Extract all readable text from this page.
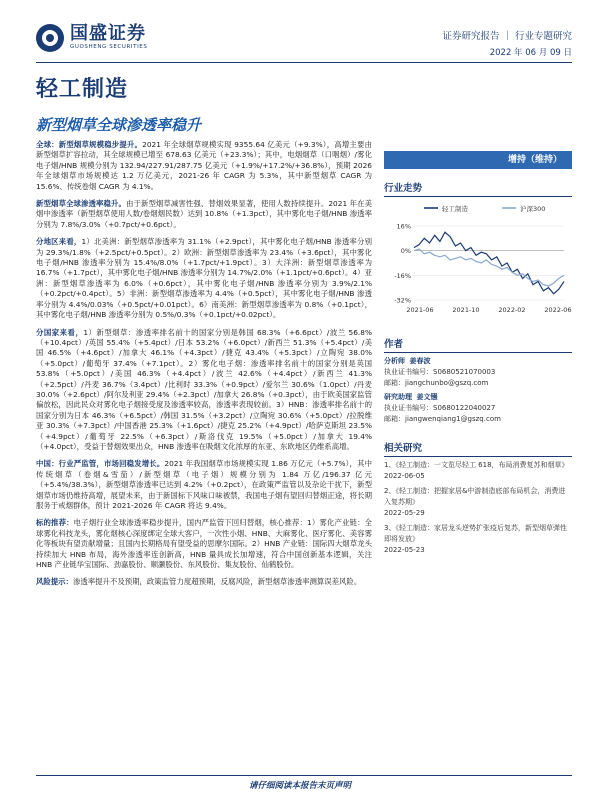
国盛证券
GUOSHENG SECURITIES
证券研究报告 ｜ 行业专题研究
2022 年 06 月 09 日
轻工制造
新型烟草全球渗透率稳升

全球：新型烟草规模稳步提升。2021 年全球烟草规模实现 9355.64 亿美元（+9.3%），高增主要由新型烟草扩容拉动，其全球规模已增至 678.63 亿美元（+23.3%）；其中，电烟烟草（口咽烟）/雾化电子烟/HNB 规模分别为 132.94/227.91/287.75 亿美元（+1.9%/+17.2%/+36.8%），预期 2026 年全球烟草市场规模达 1.2 万亿美元，2021-26 年 CAGR 为 5.3%，其中新型烟草 CAGR 为 15.6%、传统卷烟 CAGR 为 4.1%。

新型烟草全球渗透率稳升。由于新型烟草减害性强、替烟效果显著，使用人数持续提升。2021 年在美烟中渗透率（新型烟草使用人数/卷烟烟民数）达到 10.8%（+1.3pct），其中雾化电子烟/HNB 渗透率分别为 7.8%/3.0%（+0.7pct/+0.6pct）。

分地区来看，1）北美洲：新型烟草渗透率为 31.1%（+2.9pct），其中雾化电子烟/HNB 渗透率分别为 29.3%/1.8%（+2.5pct/+0.5pct）。2）欧洲：新型烟草渗透率为 23.4%（+3.6pct），其中雾化电子烟/HNB 渗透率分别为 15.4%/8.0%（+1.7pct/+1.9pct）。3）大洋洲：新型烟草渗透率为 16.7%（+1.7pct），其中雾化电子烟/HNB 渗透率分别为 14.7%/2.0%（+1.1pct/+0.6pct）。4）亚洲：新型烟草渗透率为 6.0%（+0.6pct），其中雾化电子烟/HNB 渗透率分别为 3.9%/2.1%（+0.2pct/+0.4pct）。5）非洲：新型烟草渗透率为 4.4%（+0.5pct），其中雾化电子烟/HNB 渗透率分别为 4.4%/0.03%（+0.5pct/+0.01pct）。6）南美洲：新型烟草渗透率为 0.8%（+0.1pct），其中雾化电子烟/HNB 渗透率分别为 0.5%/0.3%（+0.1pct/+0.02pct）。

分国家来看，1）新型烟草：渗透率排名前十的国家分别是韩国 68.3%（+6.6pct）/波兰 56.8%（+10.4pct）/英国 55.4%（+5.4pct）/日本 53.2%（+6.0pct）/新西兰 51.3%（+5.4pct）/美国 46.5%（+4.6pct）/加拿大 46.1%（+4.3pct）/捷克 43.4%（+5.3pct）/立陶宛 38.0%（+5.0pct）/葡萄牙 37.4%（+7.1pct）。2）雾化电子烟：渗透率排名前十的国家分别是英国 53.8%（+5.0pct）/美国 46.3%（+4.4pct）/波兰 42.6%（+4.4pct）/新西兰 41.3%（+2.5pct）/丹麦 36.7%（3.4pct）/比利时 33.3%（+0.9pct）/爱尔兰 30.6%（1.0pct）/丹麦 30.0%（+2.6pct）/阿尔及利亚 29.4%（+2.3pct）/加拿大 26.8%（+0.3pct），由于欧美国家监管偏放松，因此民众对雾化电子烟接受度及渗透率较高，渗透率表现较前。3）HNB：渗透率排名前十的国家分别为日本 46.3%（+6.5pct）/韩国 31.5%（+3.2pct）/立陶宛 30.6%（+5.0pct）/拉脱维亚 30.3%（+7.3pct）/中国香港 25.3%（+1.6pct）/捷克 25.2%（+4.9pct）/哈萨克斯坦 23.5%（+4.9pct）/葡萄牙 22.5%（+6.3pct）/斯洛伐克 19.5%（+5.0pct）/加拿大 19.4%（+4.0pct），受益于替烟效果出众，HNB 渗透率在吸烟文化浓厚的东亚、东欧地区仍维系高增。

中国：行业严监管，市场回稳发增长。2021 年我国烟草市场规模实现 1.86 万亿元（+5.7%），其中传统烟草（卷烟&雪茄）/新型烟草（电子烟）规模分别为 1.84 万亿/196.37 亿元（+5.4%/38.3%），新型烟草渗透率已达到 4.2%（+0.2pct），在政策严监管以及杂论干扰下，新型烟草市场仍维持高增，展望未来，由于新国标下风味口味被禁，我国电子烟有望回归替烟正途，将长期服务于戒烟群体，预计 2021-2026 年 CAGR 将达 9.4%。

标的推荐：电子烟行业全球渗透率稳步提升，国内严监管下回归替烟，核心推荐：1）雾化产业链：全球雾化科技龙头，雾化烟核心深度绑定全球大客户，一次性小烟、HNB、大麻雾化、医疗雾化、美容雾化等板块有望贡献增量；且国内长期格局有望受益的思摩尔国际。2）HNB 产业链：国际四大烟草龙头持续加大 HNB 布局，海外渗透率连创新高，HNB 量具成长加增速，符合中国创新基本逻辑，关注 HNB 产业链华宝国际、劲嘉股份、顺灏股份、东风股份、集友股份、仙鹤股份。

风险提示：渗透率提升不及预期，政策监管力度超预期，反腐风险，新型烟草渗透率测算误差风险。

增持（维持）
行业走势
轻工制造	沪深300
16%
0%
-16%
-32%
2021-06	2021-10	2022-02	2022-06
作者
分析师 姜春波
执业证书编号：S0680521070003
邮箱：jiangchunbo@gszq.com
研究助理 姜文镪
执业证书编号：S0680122040027
邮箱：jiangwenqiang1@gszq.com
相关研究
1、《轻工制造：一文览尽轻工 618，布局消费复苏和烟草》
2022-06-05
2、《轻工制造：把握家居&中游制造底部布局机会，消费进入复苏期》
2022-05-29
3、《轻工制造：家居龙头逆势扩张疫后复苏，新型烟草弹性即将发放》
2022-05-23
请仔细阅读本报告末页声明
